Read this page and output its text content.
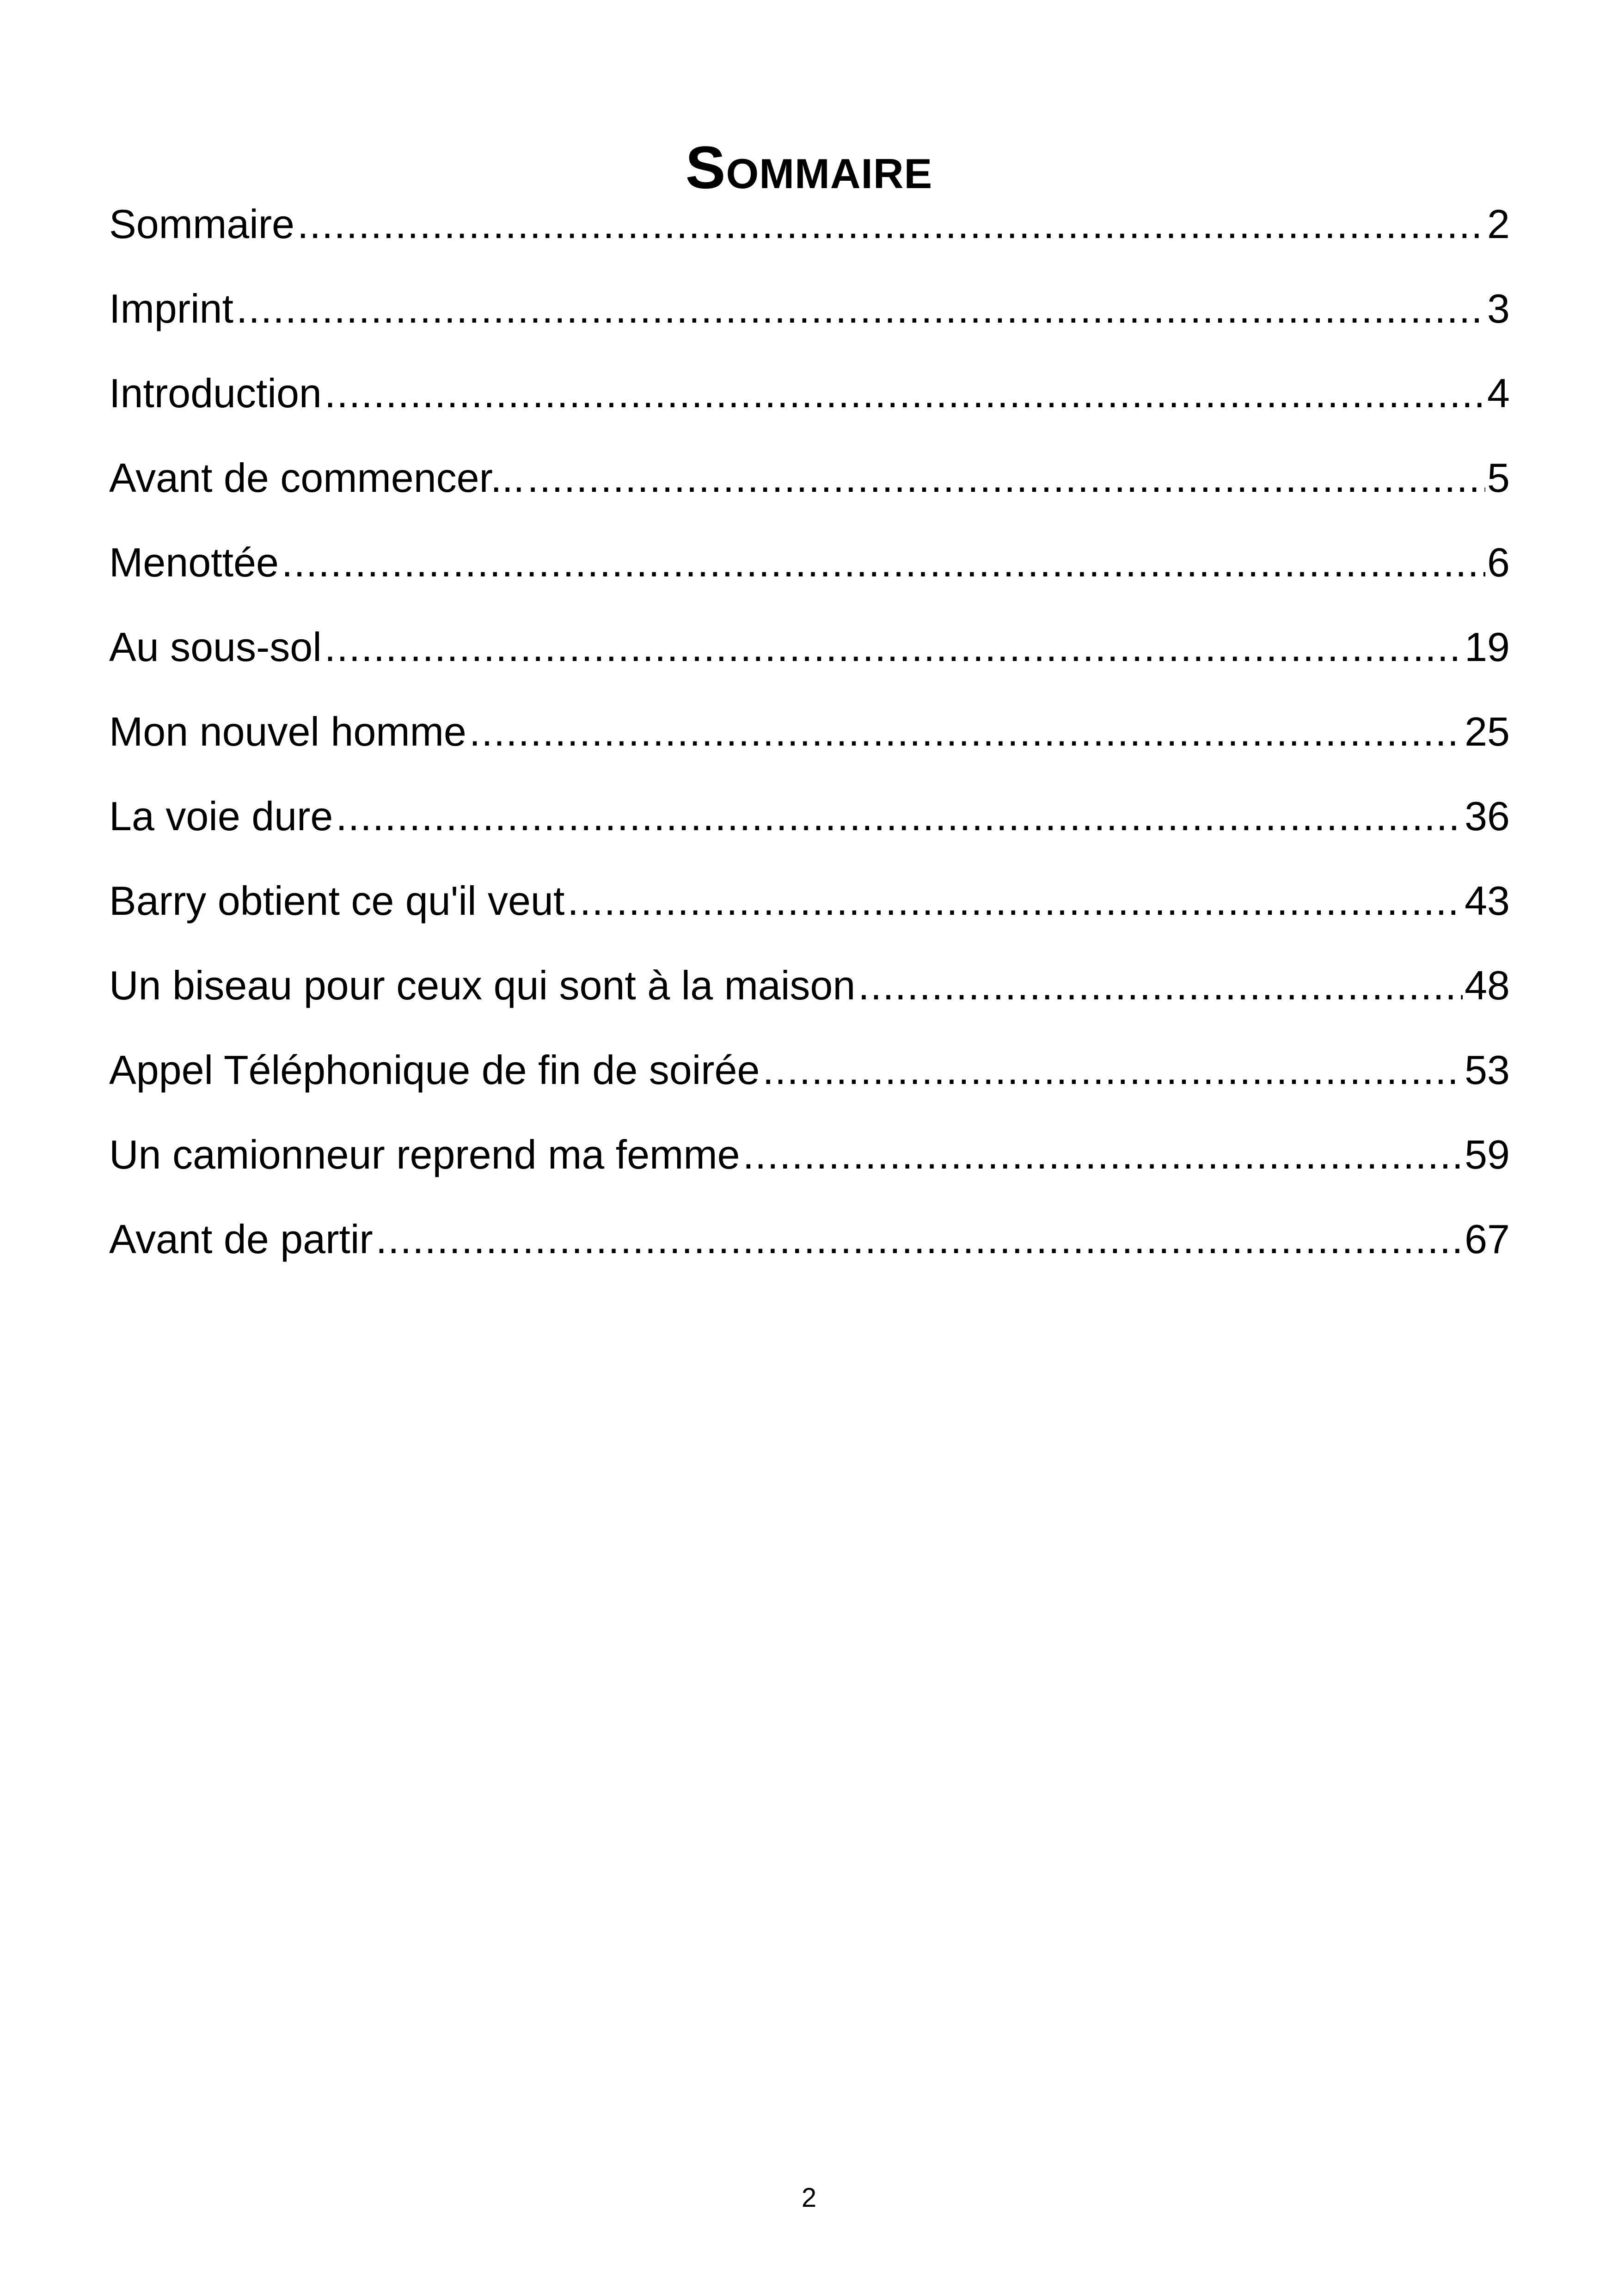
Sommaire
Sommaire .....	2
Imprint .....	3
Introduction .....	4
Avant de commencer... .....	5
Menottée .....	6
Au sous-sol .....	19
Mon nouvel homme .....	25
La voie dure .....	36
Barry obtient ce qu'il veut .....	43
Un biseau pour ceux qui sont à la maison .....	48
Appel Téléphonique de fin de soirée .....	53
Un camionneur reprend ma femme .....	59
Avant de partir .....	67
2
